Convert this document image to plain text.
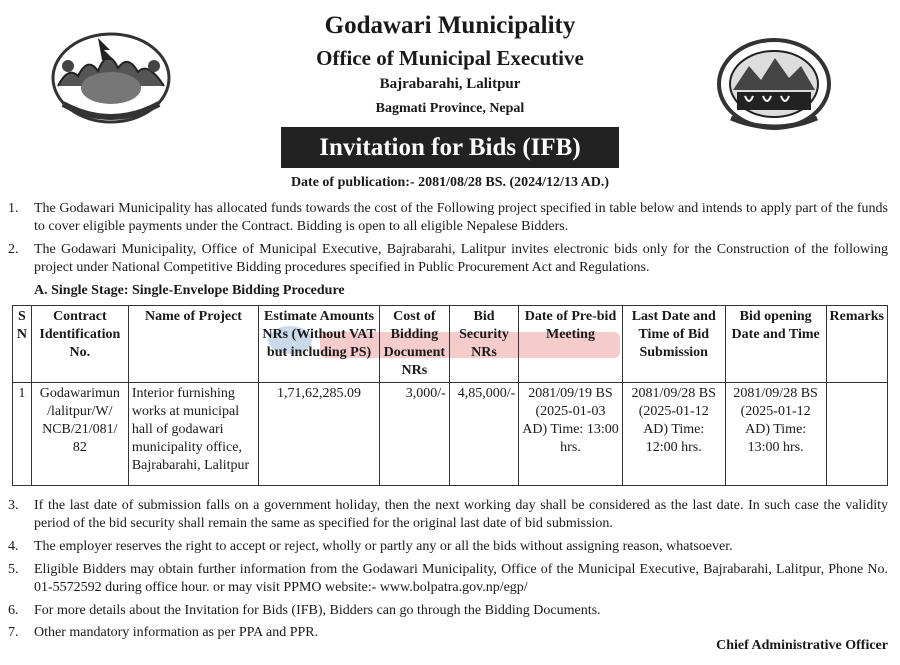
Godawari Municipality
Office of Municipal Executive
Bajrabarahi, Lalitpur
Bagmati Province, Nepal
Invitation for Bids (IFB)
Date of publication:- 2081/08/28 BS. (2024/12/13 AD.)
1.	The Godawari Municipality has allocated funds towards the cost of the Following project specified in table below and intends to apply part of the funds to cover eligible payments under the Contract. Bidding is open to all eligible Nepalese Bidders.
2.	The Godawari Municipality, Office of Municipal Executive, Bajrabarahi, Lalitpur invites electronic bids only for the Construction of the following project under National Competitive Bidding procedures specified in Public Procurement Act and Regulations.
A. Single Stage: Single-Envelope Bidding Procedure
S N	Contract Identification No.	Name of Project	Estimate Amounts NRs (Without VAT but including PS)	Cost of Bidding Document NRs	Bid Security NRs	Date of Pre-bid Meeting	Last Date and Time of Bid Submission	Bid opening Date and Time	Remarks
1	Godawarimun /lalitpur/W/ NCB/21/081/ 82	Interior furnishing works at municipal hall of godawari municipality office, Bajrabarahi, Lalitpur	1,71,62,285.09	3,000/-	4,85,000/-	2081/09/19 BS (2025-01-03 AD) Time: 13:00 hrs.	2081/09/28 BS (2025-01-12 AD) Time: 12:00 hrs.	2081/09/28 BS (2025-01-12 AD) Time: 13:00 hrs.	
3.	If the last date of submission falls on a government holiday, then the next working day shall be considered as the last date. In such case the validity period of the bid security shall remain the same as specified for the original last date of bid submission.
4.	The employer reserves the right to accept or reject, wholly or partly any or all the bids without assigning reason, whatsoever.
5.	Eligible Bidders may obtain further information from the Godawari Municipality, Office of the Municipal Executive, Bajrabarahi, Lalitpur, Phone No. 01-5572592 during office hour. or may visit PPMO website:- www.bolpatra.gov.np/egp/
6.	For more details about the Invitation for Bids (IFB), Bidders can go through the Bidding Documents.
7.	Other mandatory information as per PPA and PPR.
Chief Administrative Officer
